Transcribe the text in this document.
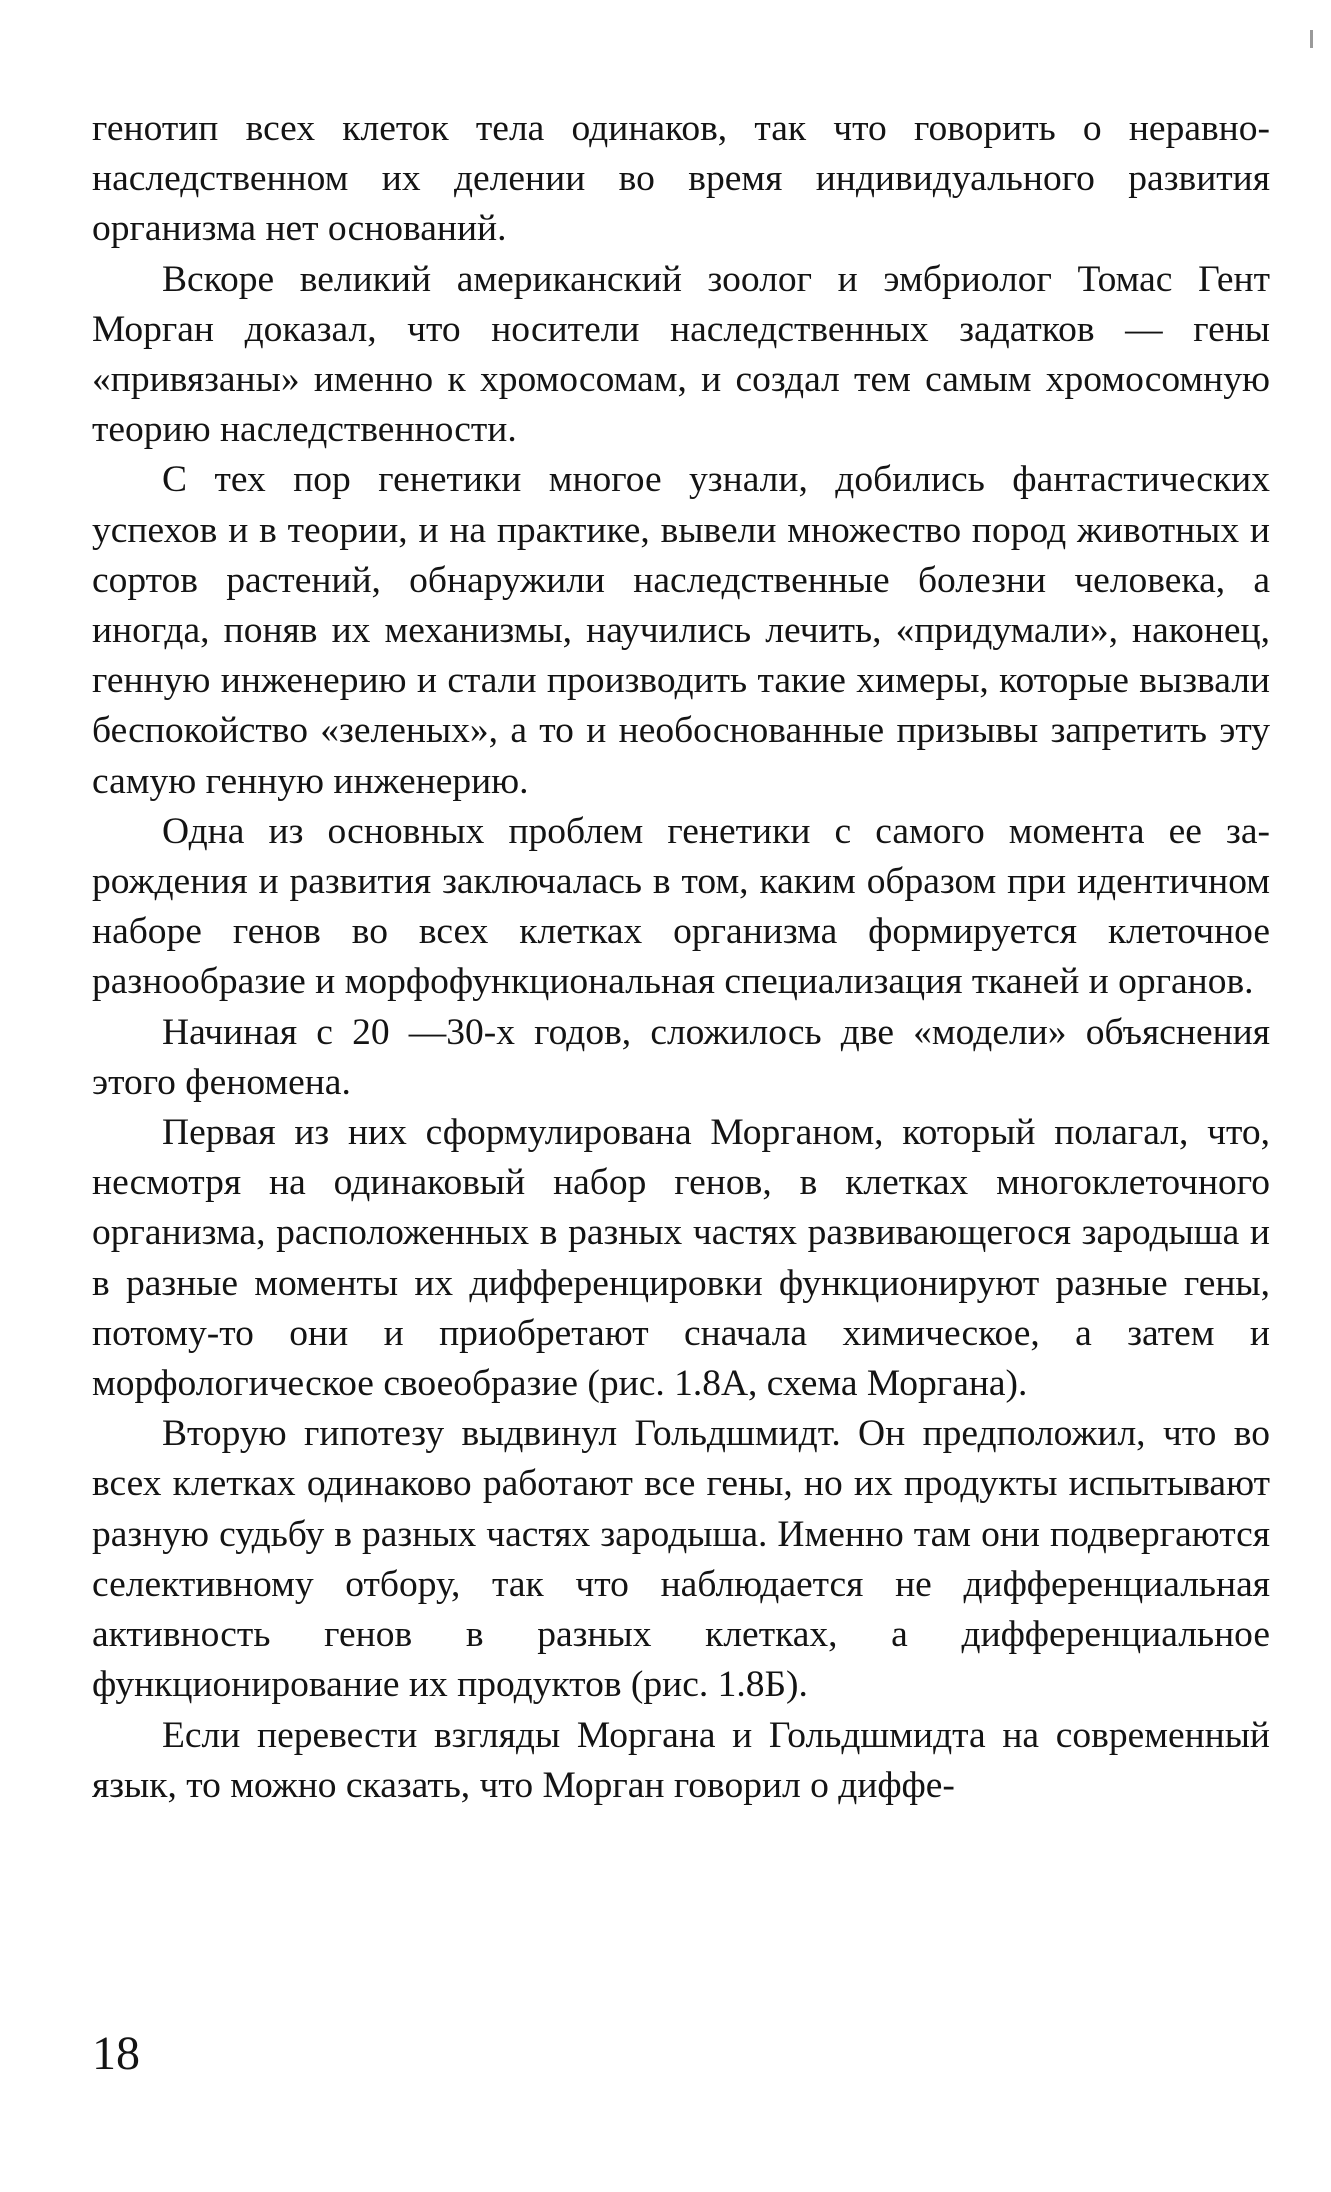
генотип всех клеток тела одинаков, так что говорить о неравнонаследственном их делении во время индивидуального развития организма нет оснований.

Вскоре великий американский зоолог и эмбриолог Томас Гент Морган доказал, что носители наследственных задатков — гены «привязаны» именно к хромосомам, и создал тем самым хромосомную теорию наследственности.

С тех пор генетики многое узнали, добились фантастических успехов и в теории, и на практике, вывели множество пород животных и сортов растений, обнаружили наследственные болезни человека, а иногда, поняв их механизмы, научились лечить, «придумали», наконец, генную инженерию и стали производить такие химеры, которые вызвали беспокойство «зеленых», а то и необоснованные призывы запретить эту самую генную инженерию.

Одна из основных проблем генетики с самого момента ее зарождения и развития заключалась в том, каким образом при идентичном наборе генов во всех клетках организма формируется клеточное разнообразие и морфофункциональная специализация тканей и органов.

Начиная с 20 —30-х годов, сложилось две «модели» объяснения этого феномена.

Первая из них сформулирована Морганом, который полагал, что, несмотря на одинаковый набор генов, в клетках многоклеточного организма, расположенных в разных частях развивающегося зародыша и в разные моменты их дифференцировки функционируют разные гены, потому-то они и приобретают сначала химическое, а затем и морфологическое своеобразие (рис. 1.8А, схема Моргана).

Вторую гипотезу выдвинул Гольдшмидт. Он предположил, что во всех клетках одинаково работают все гены, но их продукты испытывают разную судьбу в разных частях зародыша. Именно там они подвергаются селективному отбору, так что наблюдается не дифференциальная активность генов в разных клетках, а дифференциальное функционирование их продуктов (рис. 1.8Б).

Если перевести взгляды Моргана и Гольдшмидта на современный язык, то можно сказать, что Морган говорил о диффе-

18
